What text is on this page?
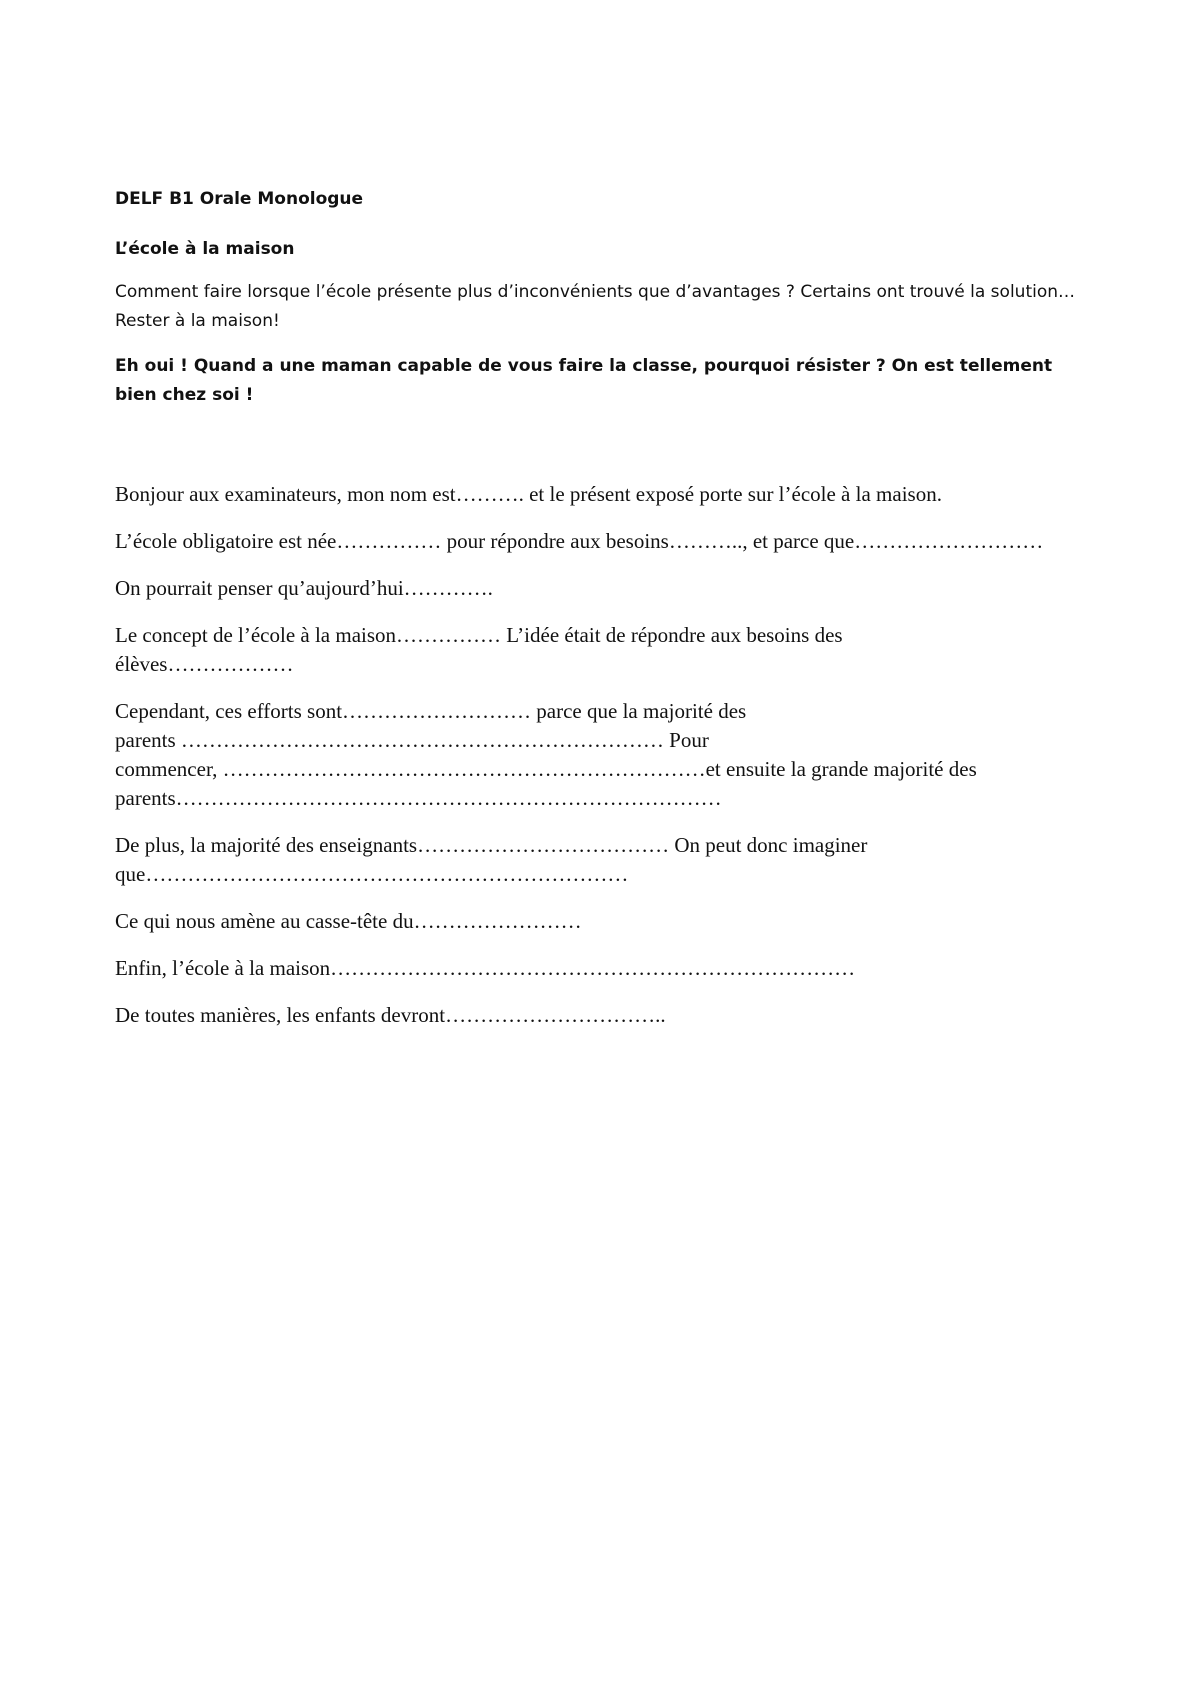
DELF B1 Orale Monologue
L’école à la maison
Comment faire lorsque l’école présente plus d’inconvénients que d’avantages ? Certains ont trouvé la solution… Rester à la maison!
Eh oui ! Quand a une maman capable de vous faire la classe, pourquoi résister ? On est tellement bien chez soi !
Bonjour aux examinateurs, mon nom est………. et le présent exposé porte sur l’école à la maison.
L’école obligatoire est née…………… pour répondre aux besoins……….., et parce que………………………
On pourrait penser qu’aujourd’hui………….
Le concept de l’école à la maison…………… L’idée était de répondre aux besoins des
élèves………………
Cependant, ces efforts sont……………………… parce que la majorité des
parents …………………………………………………………… Pour
commencer, ……………………………………………………………et ensuite la grande majorité des
parents……………………………………………………………………
De plus, la majorité des enseignants……………………………… On peut donc imaginer
que……………………………………………………………
Ce qui nous amène au casse-tête du……………………
Enfin, l’école à la maison…………………………………………………………………
De toutes manières, les enfants devront…………………………..
